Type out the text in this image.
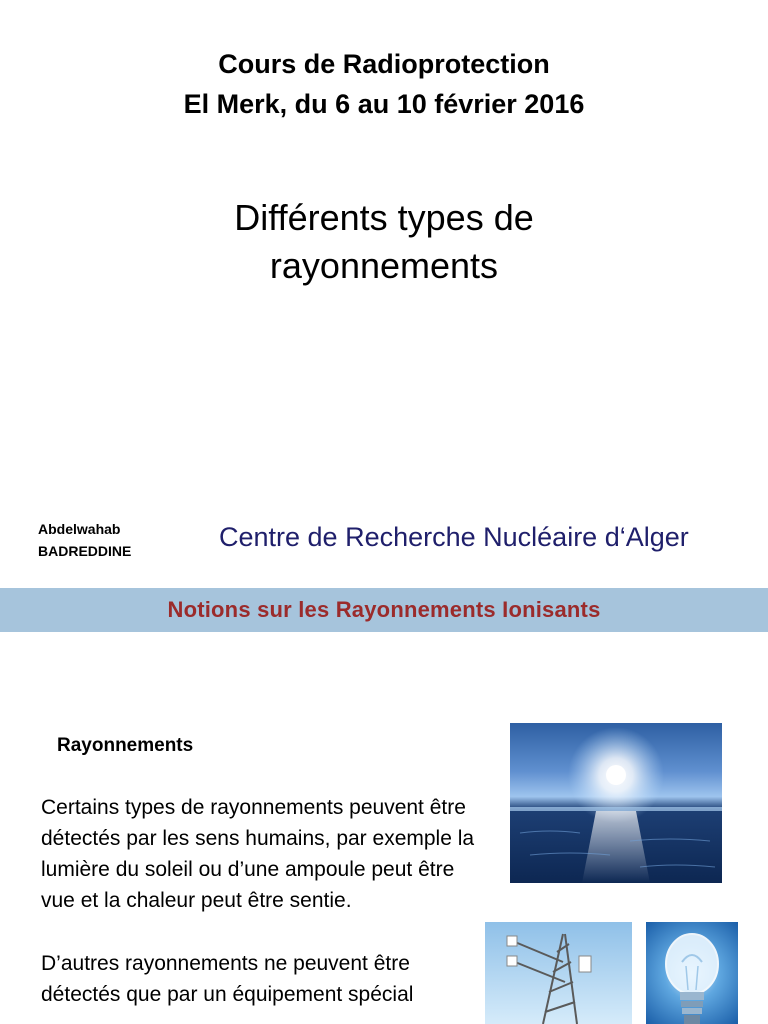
Cours de Radioprotection
El Merk, du 6 au 10 février 2016
Différents types de
rayonnements
Abdelwahab
BADREDDINE	Centre de Recherche Nucléaire d‘Alger
Notions sur les Rayonnements Ionisants
Rayonnements

Certains types de rayonnements peuvent être détectés par les sens humains, par exemple la lumière du soleil ou d’une ampoule peut être vue et la chaleur peut être sentie.

D’autres rayonnements ne peuvent être détectés que par un équipement spécial
